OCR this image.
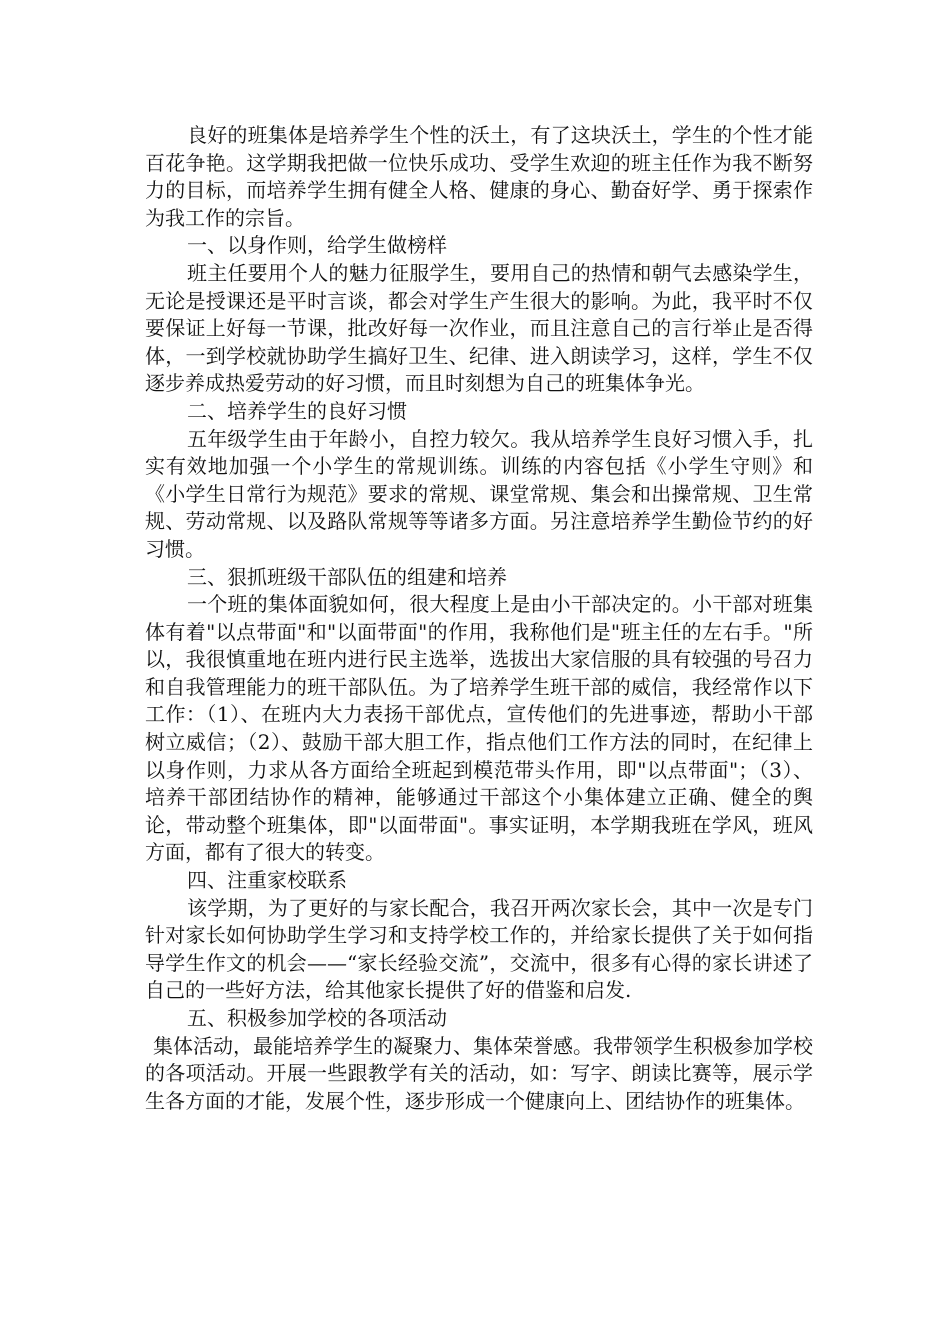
良好的班集体是培养学生个性的沃土，有了这块沃土，学生的个性才能百花争艳。这学期我把做一位快乐成功、受学生欢迎的班主任作为我不断努力的目标，而培养学生拥有健全人格、健康的身心、勤奋好学、勇于探索作为我工作的宗旨。

一、以身作则，给学生做榜样

班主任要用个人的魅力征服学生，要用自己的热情和朝气去感染学生，无论是授课还是平时言谈，都会对学生产生很大的影响。为此，我平时不仅要保证上好每一节课，批改好每一次作业，而且注意自己的言行举止是否得体，一到学校就协助学生搞好卫生、纪律、进入朗读学习，这样，学生不仅逐步养成热爱劳动的好习惯，而且时刻想为自己的班集体争光。

二、培养学生的良好习惯

五年级学生由于年龄小，自控力较欠。我从培养学生良好习惯入手，扎实有效地加强一个小学生的常规训练。训练的内容包括《小学生守则》和《小学生日常行为规范》要求的常规、课堂常规、集会和出操常规、卫生常规、劳动常规、以及路队常规等等诸多方面。另注意培养学生勤俭节约的好习惯。

三、狠抓班级干部队伍的组建和培养

一个班的集体面貌如何，很大程度上是由小干部决定的。小干部对班集体有着"以点带面"和"以面带面"的作用，我称他们是"班主任的左右手。"所以，我很慎重地在班内进行民主选举，选拔出大家信服的具有较强的号召力和自我管理能力的班干部队伍。为了培养学生班干部的威信，我经常作以下工作：（1）、在班内大力表扬干部优点，宣传他们的先进事迹，帮助小干部树立威信；（2）、鼓励干部大胆工作，指点他们工作方法的同时，在纪律上以身作则，力求从各方面给全班起到模范带头作用，即"以点带面"；（3）、培养干部团结协作的精神，能够通过干部这个小集体建立正确、健全的舆论，带动整个班集体，即"以面带面"。事实证明，本学期我班在学风，班风方面，都有了很大的转变。

四、注重家校联系

该学期，为了更好的与家长配合，我召开两次家长会，其中一次是专门针对家长如何协助学生学习和支持学校工作的，并给家长提供了关于如何指导学生作文的机会——“家长经验交流”，交流中，很多有心得的家长讲述了自己的一些好方法，给其他家长提供了好的借鉴和启发.

五、积极参加学校的各项活动

集体活动，最能培养学生的凝聚力、集体荣誉感。我带领学生积极参加学校的各项活动。开展一些跟教学有关的活动，如：写字、朗读比赛等，展示学生各方面的才能，发展个性，逐步形成一个健康向上、团结协作的班集体。
